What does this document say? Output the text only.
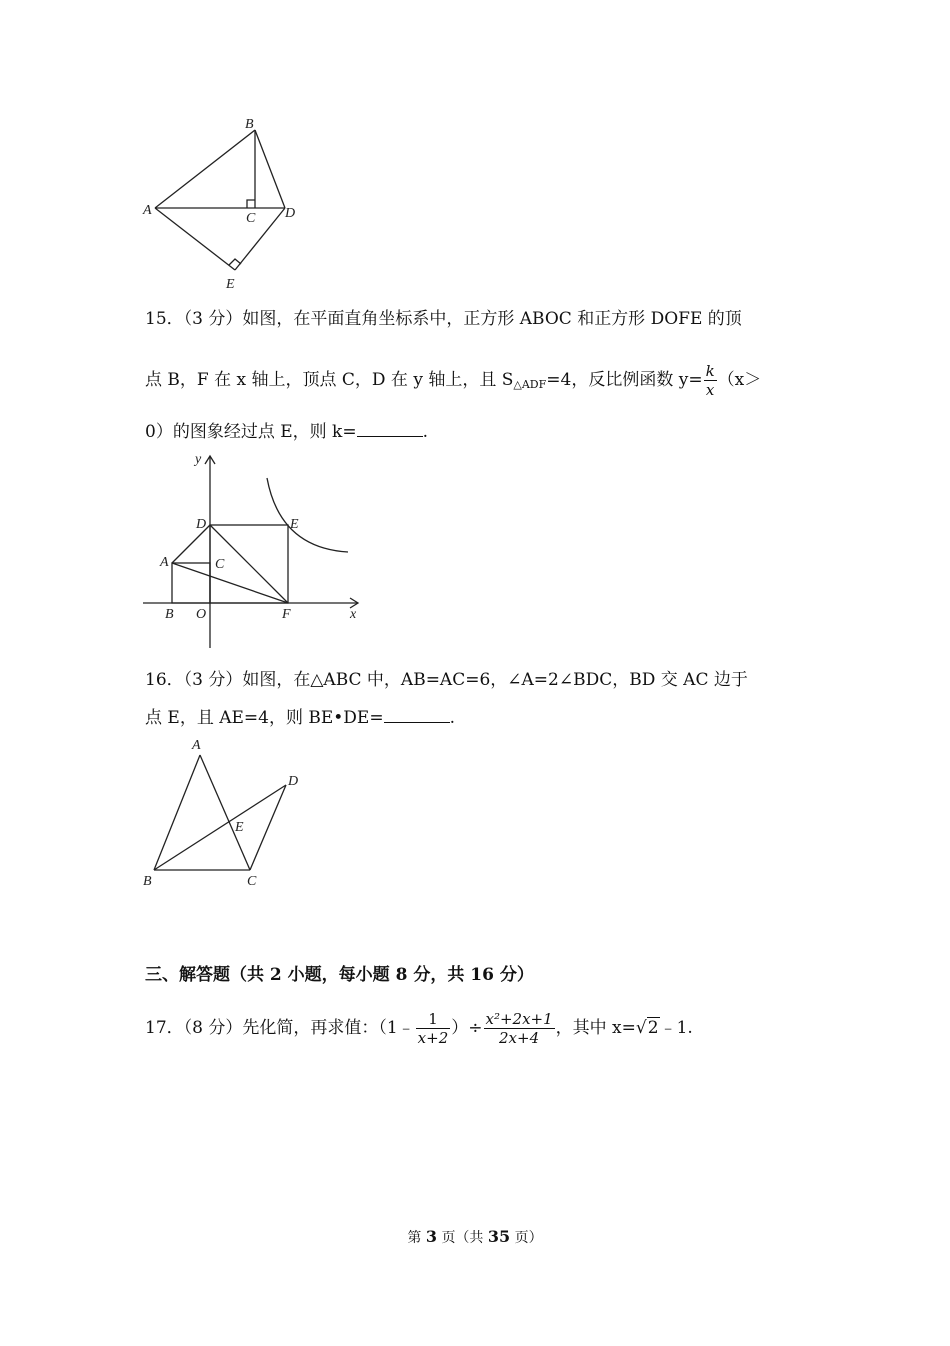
B
A
C D
E
15．（3 分）如图，在平面直角坐标系中，正方形 ABOC 和正方形 DOFE 的顶
点 B，F 在 x 轴上，顶点 C，D 在 y 轴上，且 $S_{\triangle ADF}=4$，反比例函数 $y= \frac{k}{x} (x>$
0）的图象经过点 E，则 k=	.
y
x
D	E
A	C
B O	F
16．（3 分）如图，在△ABC 中，AB=AC=6，∠A=2∠BDC，BD 交 AC 边于
点 E，且 AE=4，则 BE•DE=	.
A
B	C
D
E
三、解答题（共 2 小题，每小题 8 分，共 16 分）
17．（8 分）先化简，再求值：（1﹣ $\frac{1}{x+2}$ ）÷ $\frac{\text{x²+2x+1}}{2x+4}$ ，其中 x=√2﹣1.
第 3 页（共 35 页）
